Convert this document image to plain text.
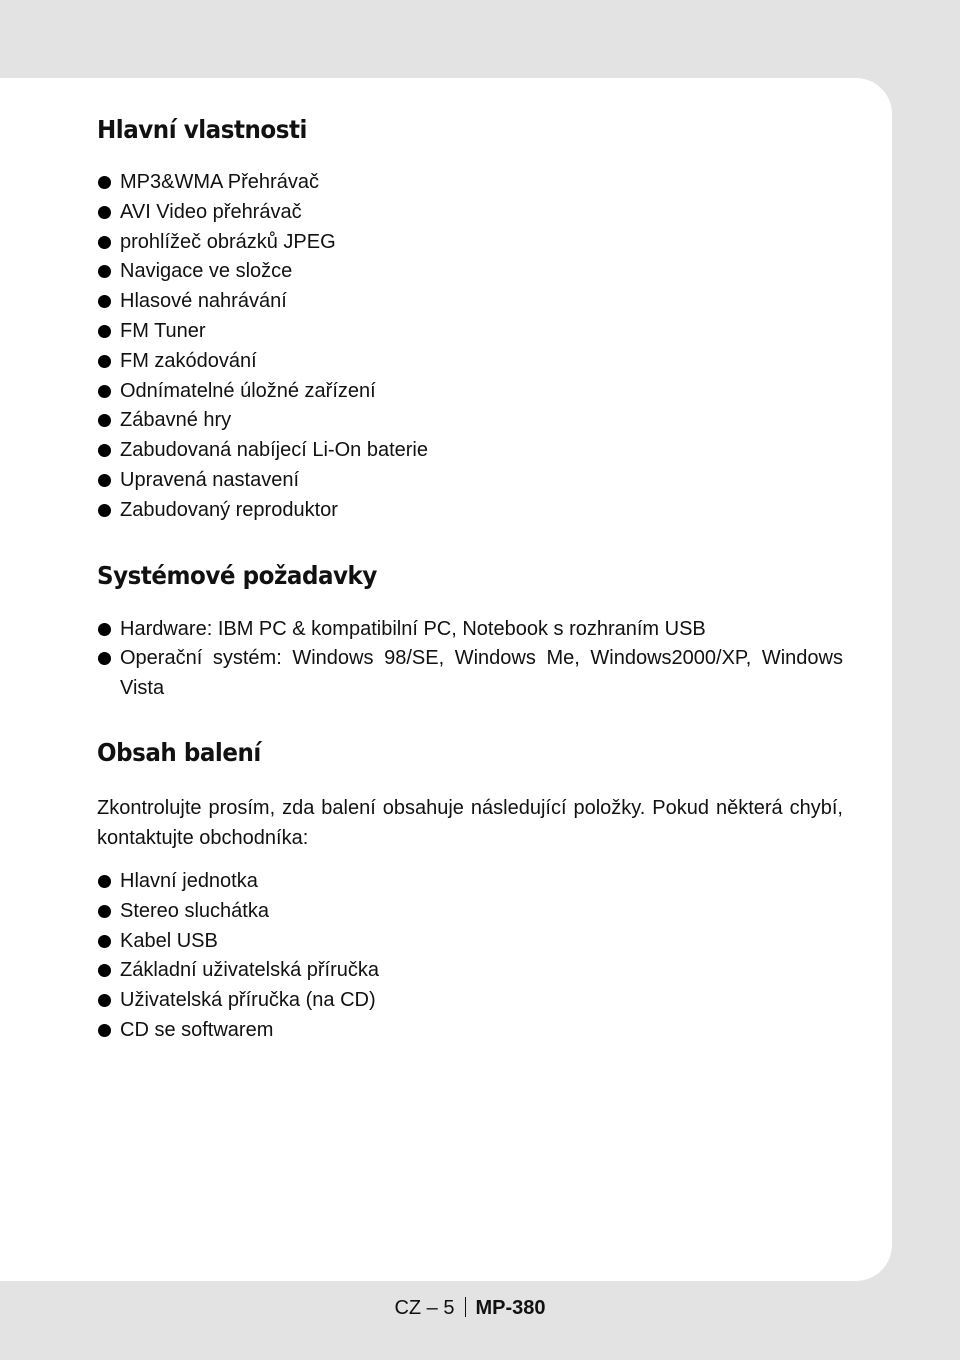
Hlavní vlastnosti
MP3&WMA Přehrávač
AVI Video přehrávač
prohlížeč obrázků JPEG
Navigace ve složce
Hlasové nahrávání
FM Tuner
FM zakódování
Odnímatelné úložné zařízení
Zábavné hry
Zabudovaná nabíjecí Li-On baterie
Upravená nastavení
Zabudovaný reproduktor
Systémové požadavky
Hardware: IBM PC & kompatibilní PC, Notebook s rozhraním USB
Operační systém: Windows 98/SE, Windows Me, Windows2000/XP, Windows Vista
Obsah balení

Zkontrolujte prosím, zda balení obsahuje následující položky. Pokud některá chybí, kontaktujte obchodníka:

Hlavní jednotka
Stereo sluchátka
Kabel USB
Základní uživatelská příručka
Uživatelská příručka (na CD)
CD se softwarem
CZ – 5 MP-380
